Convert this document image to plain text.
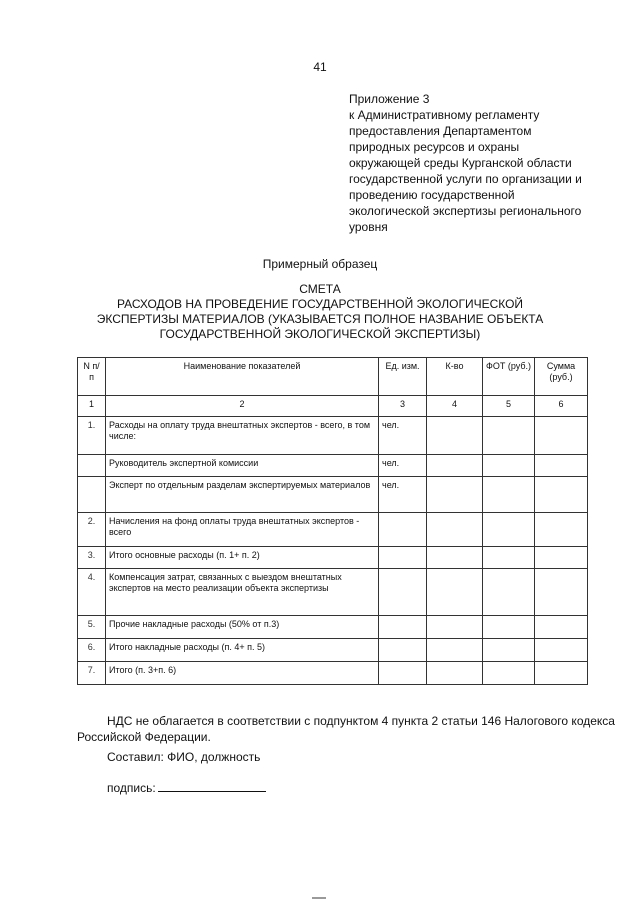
41
Приложение 3
к Административному регламенту
предоставления Департаментом
природных ресурсов и охраны
окружающей среды Курганской области
государственной услуги по организации и
проведению государственной
экологической экспертизы регионального
уровня
Примерный образец
СМЕТА
РАСХОДОВ НА ПРОВЕДЕНИЕ ГОСУДАРСТВЕННОЙ ЭКОЛОГИЧЕСКОЙ
ЭКСПЕРТИЗЫ МАТЕРИАЛОВ (УКАЗЫВАЕТСЯ ПОЛНОЕ НАЗВАНИЕ ОБЪЕКТА
ГОСУДАРСТВЕННОЙ ЭКОЛОГИЧЕСКОЙ ЭКСПЕРТИЗЫ)
N п/п	Наименование показателей	Ед. изм.	К-во	ФОТ (руб.)	Сумма (руб.)
1	2	3	4	5	6
1.	Расходы на оплату труда внештатных экспертов - всего, в том числе:	чел.			
	Руководитель экспертной комиссии	чел.			
	Эксперт по отдельным разделам экспертируемых материалов	чел.			
2.	Начисления на фонд оплаты труда внештатных экспертов - всего				
3.	Итого основные расходы (п. 1+ п. 2)				
4.	Компенсация затрат, связанных с выездом внештатных экспертов на место реализации объекта экспертизы				
5.	Прочие накладные расходы (50% от п.3)				
6.	Итого накладные расходы (п. 4+ п. 5)				
7.	Итого (п. 3+п. 6)				
НДС не облагается в соответствии с подпунктом 4 пункта 2 статьи 146 Налогового кодекса Российской Федерации.
Составил: ФИО, должность
подпись:
